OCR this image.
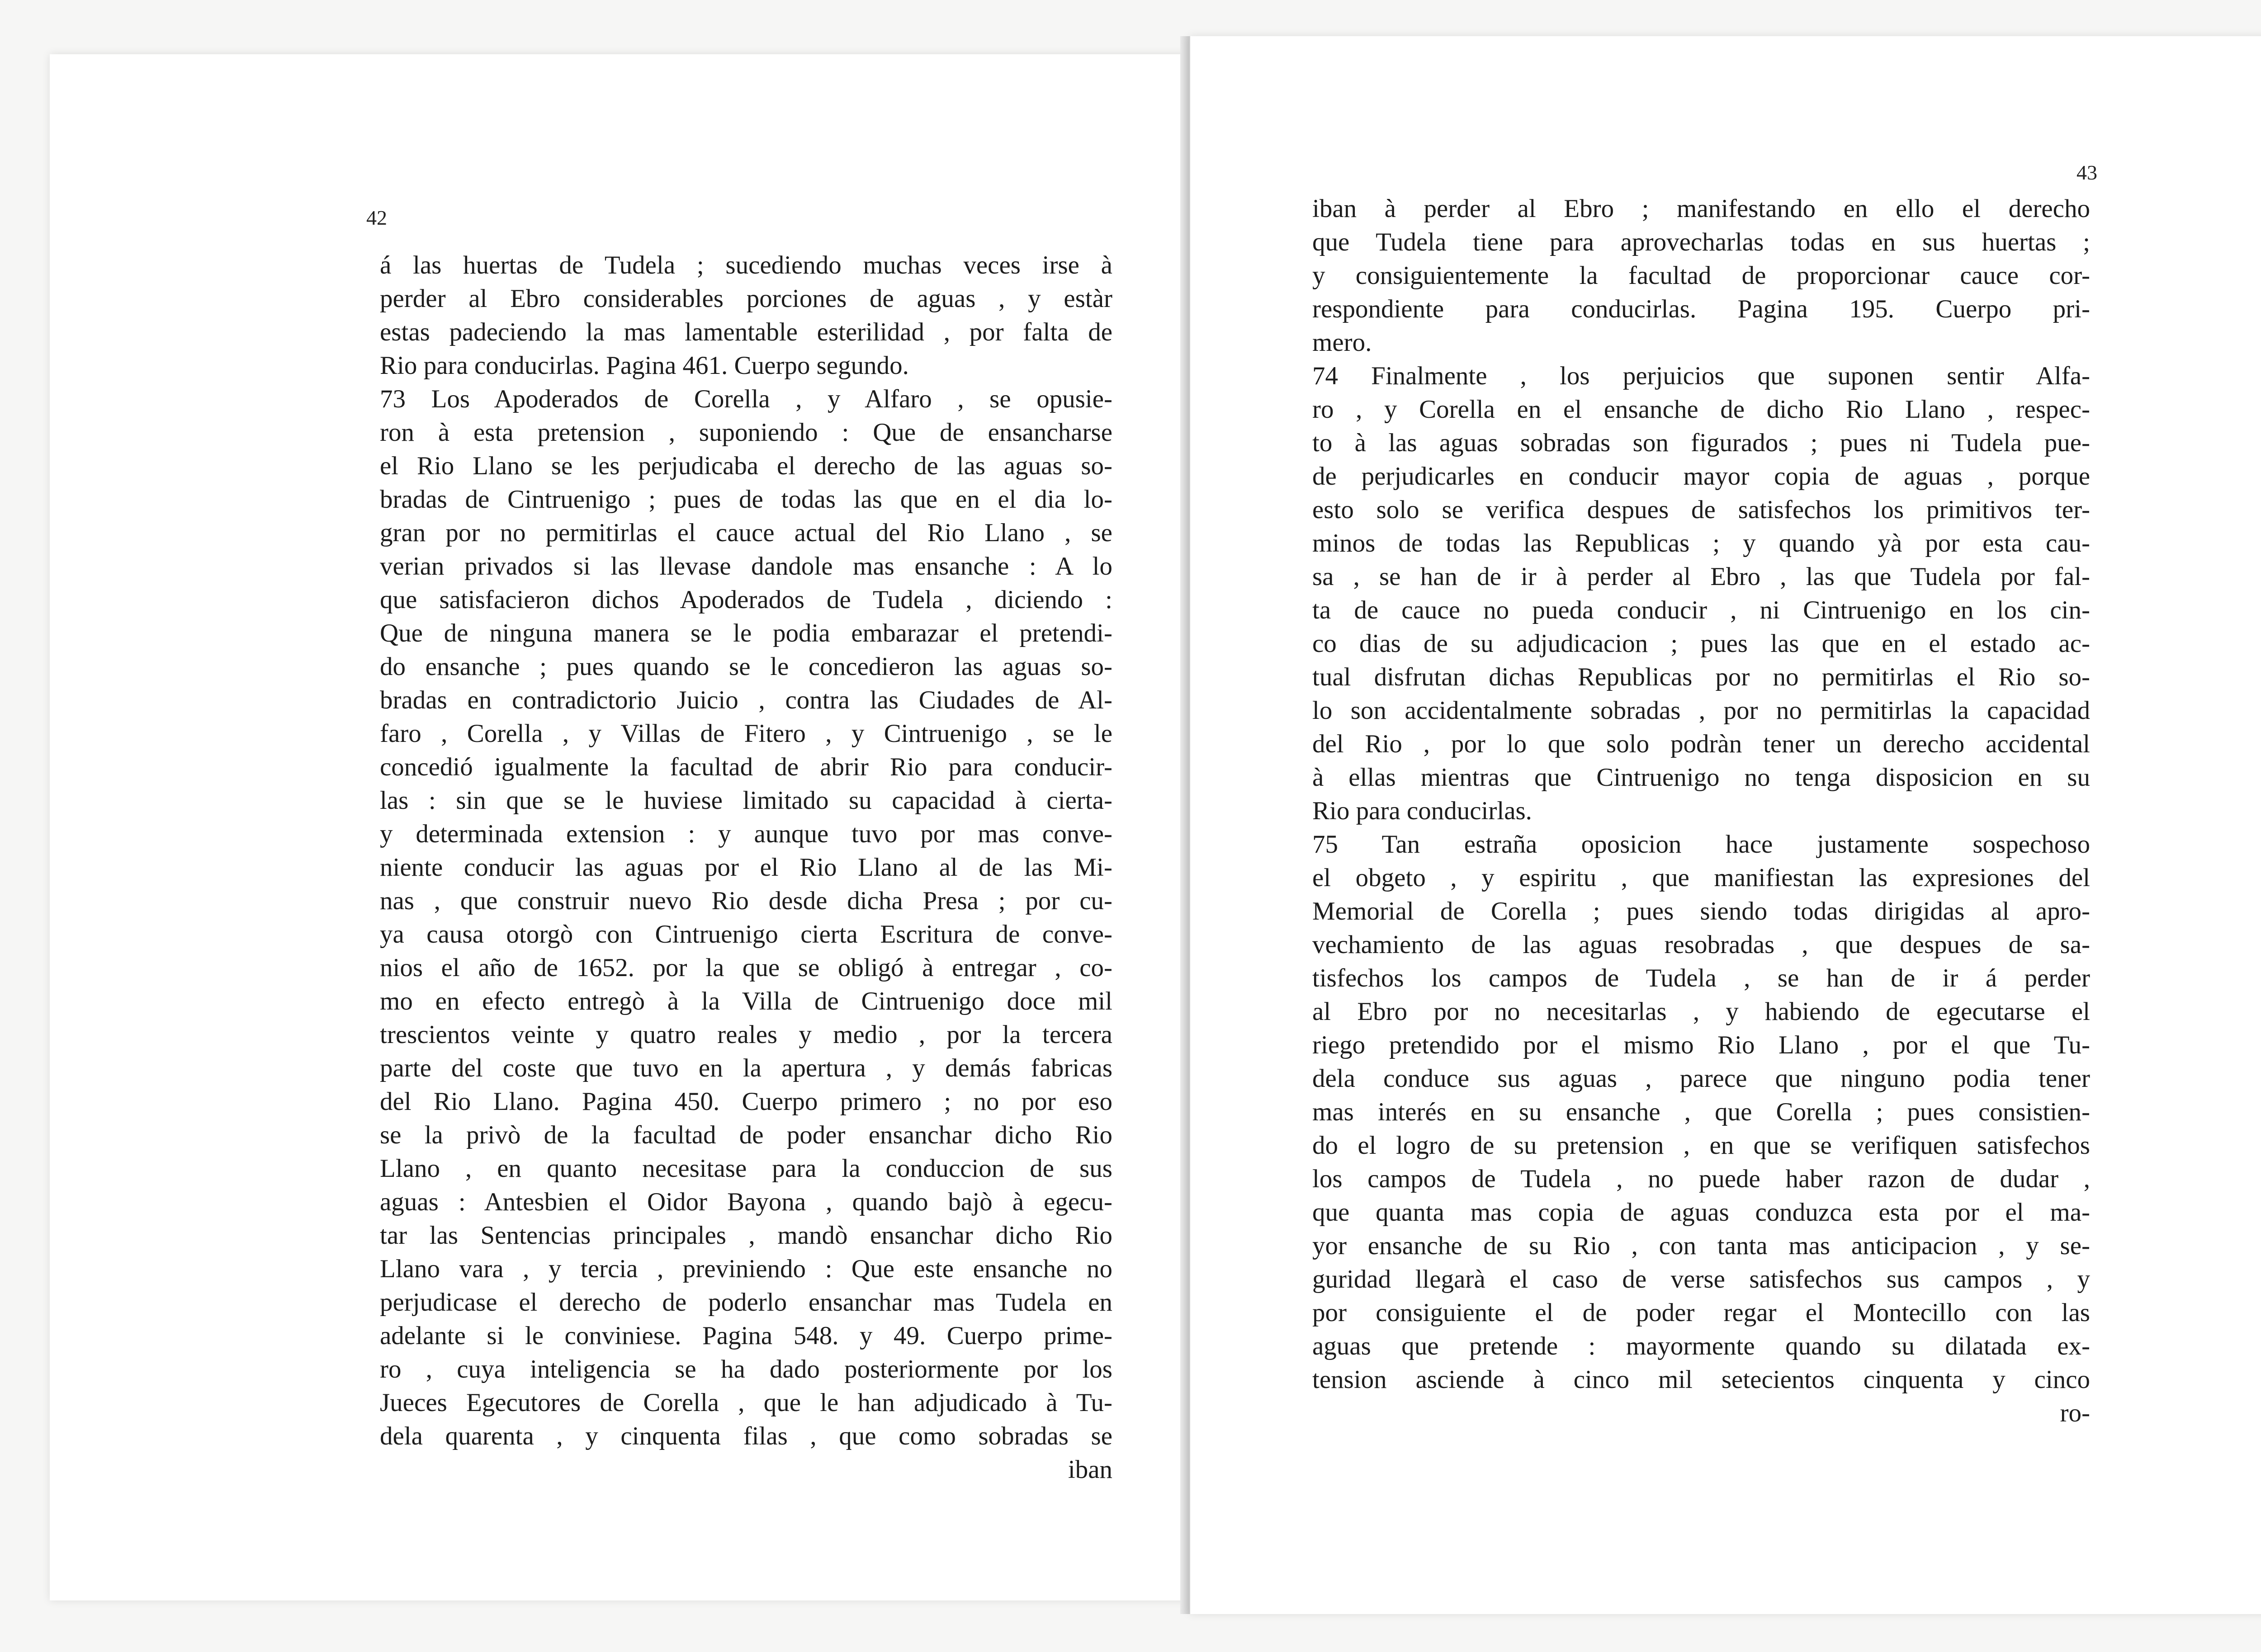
42
á las huertas de Tudela ; sucediendo muchas veces irse à
perder al Ebro considerables porciones de aguas , y estàr
estas padeciendo la mas lamentable esterilidad , por falta de
Rio para conducirlas. Pagina 461. Cuerpo segundo.
73 Los Apoderados de Corella , y Alfaro , se opusie-
ron à esta pretension , suponiendo : Que de ensancharse
el Rio Llano se les perjudicaba el derecho de las aguas so-
bradas de Cintruenigo ; pues de todas las que en el dia lo-
gran por no permitirlas el cauce actual del Rio Llano , se
verian privados si las llevase dandole mas ensanche : A lo
que satisfacieron dichos Apoderados de Tudela , diciendo :
Que de ninguna manera se le podia embarazar el pretendi-
do ensanche ; pues quando se le concedieron las aguas so-
bradas en contradictorio Juicio , contra las Ciudades de Al-
faro , Corella , y Villas de Fitero , y Cintruenigo , se le
concedió igualmente la facultad de abrir Rio para conducir-
las : sin que se le huviese limitado su capacidad à cierta-
y determinada extension : y aunque tuvo por mas conve-
niente conducir las aguas por el Rio Llano al de las Mi-
nas , que construir nuevo Rio desde dicha Presa ; por cu-
ya causa otorgò con Cintruenigo cierta Escritura de conve-
nios el año de 1652. por la que se obligó à entregar , co-
mo en efecto entregò à la Villa de Cintruenigo doce mil
trescientos veinte y quatro reales y medio , por la tercera
parte del coste que tuvo en la apertura , y demás fabricas
del Rio Llano. Pagina 450. Cuerpo primero ; no por eso
se la privò de la facultad de poder ensanchar dicho Rio
Llano , en quanto necesitase para la conduccion de sus
aguas : Antesbien el Oidor Bayona , quando bajò à egecu-
tar las Sentencias principales , mandò ensanchar dicho Rio
Llano vara , y tercia , previniendo : Que este ensanche no
perjudicase el derecho de poderlo ensanchar mas Tudela en
adelante si le conviniese. Pagina 548. y 49. Cuerpo prime-
ro , cuya inteligencia se ha dado posteriormente por los
Jueces Egecutores de Corella , que le han adjudicado à Tu-
dela quarenta , y cinquenta filas , que como sobradas se
iban
43
iban à perder al Ebro ; manifestando en ello el derecho
que Tudela tiene para aprovecharlas todas en sus huertas ;
y consiguientemente la facultad de proporcionar cauce cor-
respondiente para conducirlas. Pagina 195. Cuerpo pri-
mero.
74 Finalmente , los perjuicios que suponen sentir Alfa-
ro , y Corella en el ensanche de dicho Rio Llano , respec-
to à las aguas sobradas son figurados ; pues ni Tudela pue-
de perjudicarles en conducir mayor copia de aguas , porque
esto solo se verifica despues de satisfechos los primitivos ter-
minos de todas las Republicas ; y quando yà por esta cau-
sa , se han de ir à perder al Ebro , las que Tudela por fal-
ta de cauce no pueda conducir , ni Cintruenigo en los cin-
co dias de su adjudicacion ; pues las que en el estado ac-
tual disfrutan dichas Republicas por no permitirlas el Rio so-
lo son accidentalmente sobradas , por no permitirlas la capacidad
del Rio , por lo que solo podràn tener un derecho accidental
à ellas mientras que Cintruenigo no tenga disposicion en su
Rio para conducirlas.
75 Tan estraña oposicion hace justamente sospechoso
el obgeto , y espiritu , que manifiestan las expresiones del
Memorial de Corella ; pues siendo todas dirigidas al apro-
vechamiento de las aguas resobradas , que despues de sa-
tisfechos los campos de Tudela , se han de ir á perder
al Ebro por no necesitarlas , y habiendo de egecutarse el
riego pretendido por el mismo Rio Llano , por el que Tu-
dela conduce sus aguas , parece que ninguno podia tener
mas interés en su ensanche , que Corella ; pues consistien-
do el logro de su pretension , en que se verifiquen satisfechos
los campos de Tudela , no puede haber razon de dudar ,
que quanta mas copia de aguas conduzca esta por el ma-
yor ensanche de su Rio , con tanta mas anticipacion , y se-
guridad llegarà el caso de verse satisfechos sus campos , y
por consiguiente el de poder regar el Montecillo con las
aguas que pretende : mayormente quando su dilatada ex-
tension asciende à cinco mil setecientos cinquenta y cinco
ro-
